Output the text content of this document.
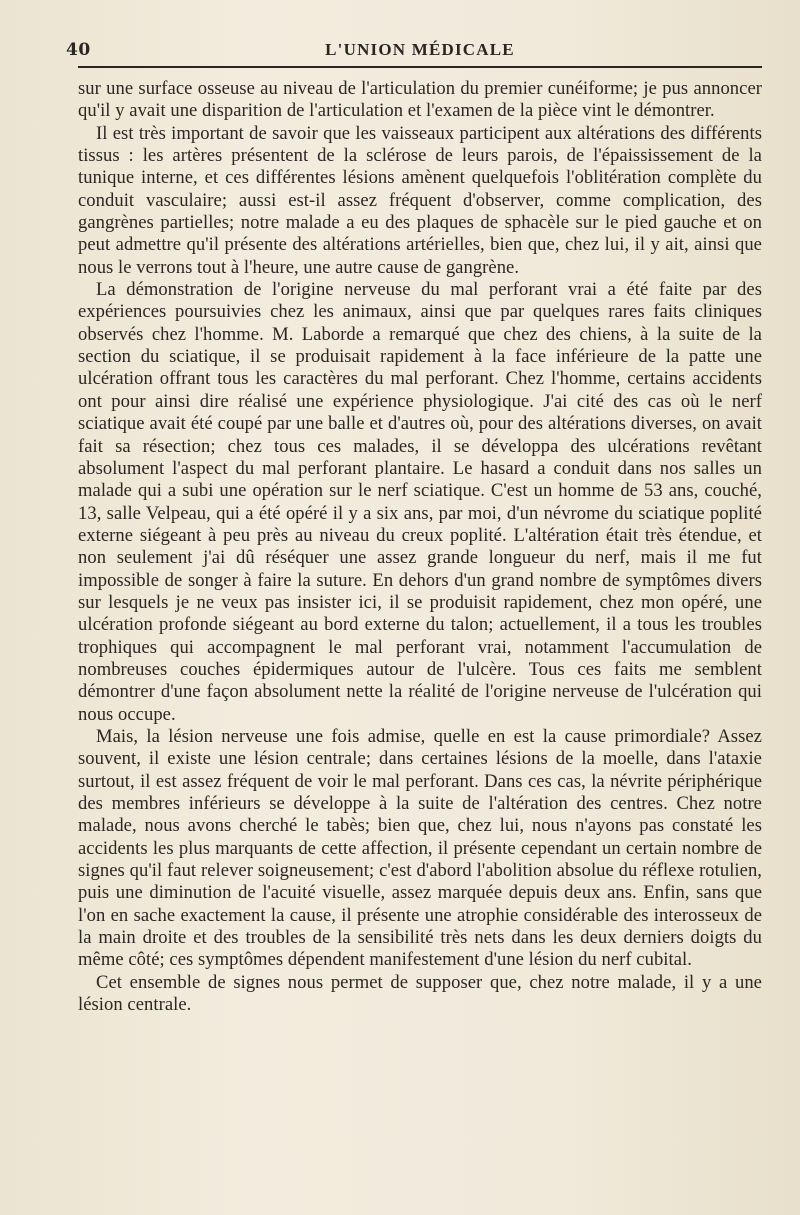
40	L'UNION MÉDICALE

sur une surface osseuse au niveau de l'articulation du premier cunéiforme; je pus annoncer qu'il y avait une disparition de l'articulation et l'examen de la pièce vint le démontrer.

Il est très important de savoir que les vaisseaux participent aux altérations des différents tissus : les artères présentent de la sclérose de leurs parois, de l'épaississement de la tunique interne, et ces différentes lésions amènent quelquefois l'oblitération complète du conduit vasculaire; aussi est-il assez fréquent d'observer, comme complication, des gangrènes partielles; notre malade a eu des plaques de sphacèle sur le pied gauche et on peut admettre qu'il présente des altérations artérielles, bien que, chez lui, il y ait, ainsi que nous le verrons tout à l'heure, une autre cause de gangrène.

La démonstration de l'origine nerveuse du mal perforant vrai a été faite par des expériences poursuivies chez les animaux, ainsi que par quelques rares faits cliniques observés chez l'homme. M. Laborde a remarqué que chez des chiens, à la suite de la section du sciatique, il se produisait rapidement à la face inférieure de la patte une ulcération offrant tous les caractères du mal perforant. Chez l'homme, certains accidents ont pour ainsi dire réalisé une expérience physiologique. J'ai cité des cas où le nerf sciatique avait été coupé par une balle et d'autres où, pour des altérations diverses, on avait fait sa résection; chez tous ces malades, il se développa des ulcérations revêtant absolument l'aspect du mal perforant plantaire. Le hasard a conduit dans nos salles un malade qui a subi une opération sur le nerf sciatique. C'est un homme de 53 ans, couché, 13, salle Velpeau, qui a été opéré il y a six ans, par moi, d'un névrome du sciatique poplité externe siégeant à peu près au niveau du creux poplité. L'altération était très étendue, et non seulement j'ai dû réséquer une assez grande longueur du nerf, mais il me fut impossible de songer à faire la suture. En dehors d'un grand nombre de symptômes divers sur lesquels je ne veux pas insister ici, il se produisit rapidement, chez mon opéré, une ulcération profonde siégeant au bord externe du talon; actuellement, il a tous les troubles trophiques qui accompagnent le mal perforant vrai, notamment l'accumulation de nombreuses couches épidermiques autour de l'ulcère. Tous ces faits me semblent démontrer d'une façon absolument nette la réalité de l'origine nerveuse de l'ulcération qui nous occupe.

Mais, la lésion nerveuse une fois admise, quelle en est la cause primordiale? Assez souvent, il existe une lésion centrale; dans certaines lésions de la moelle, dans l'ataxie surtout, il est assez fréquent de voir le mal perforant. Dans ces cas, la névrite périphérique des membres inférieurs se développe à la suite de l'altération des centres. Chez notre malade, nous avons cherché le tabès; bien que, chez lui, nous n'ayons pas constaté les accidents les plus marquants de cette affection, il présente cependant un certain nombre de signes qu'il faut relever soigneusement; c'est d'abord l'abolition absolue du réflexe rotulien, puis une diminution de l'acuité visuelle, assez marquée depuis deux ans. Enfin, sans que l'on en sache exactement la cause, il présente une atrophie considérable des interosseux de la main droite et des troubles de la sensibilité très nets dans les deux derniers doigts du même côté; ces symptômes dépendent manifestement d'une lésion du nerf cubital.

Cet ensemble de signes nous permet de supposer que, chez notre malade, il y a une lésion centrale.
